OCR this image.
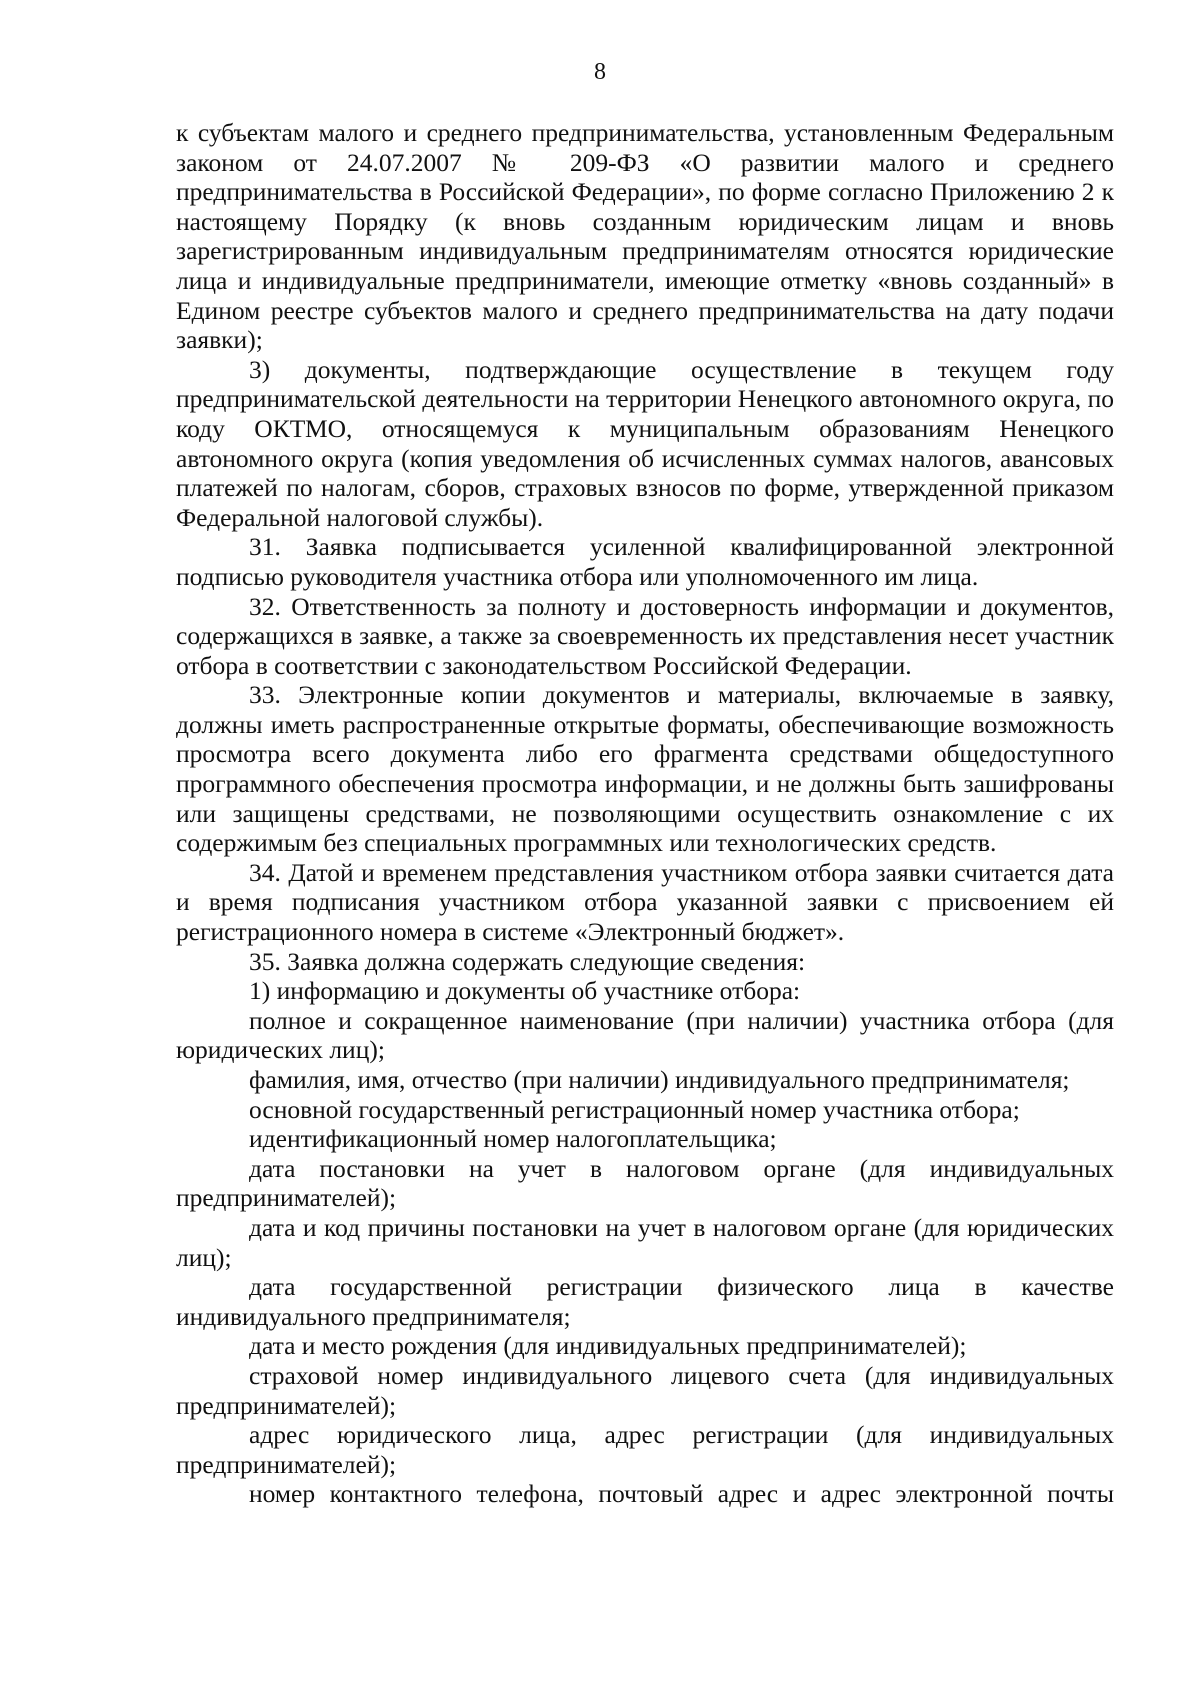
8

к субъектам малого и среднего предпринимательства, установленным Федеральным законом от 24.07.2007 № 209-ФЗ «О развитии малого и среднего предпринимательства в Российской Федерации», по форме согласно Приложению 2 к настоящему Порядку (к вновь созданным юридическим лицам и вновь зарегистрированным индивидуальным предпринимателям относятся юридические лица и индивидуальные предприниматели, имеющие отметку «вновь созданный» в Едином реестре субъектов малого и среднего предпринимательства на дату подачи заявки);

3) документы, подтверждающие осуществление в текущем году предпринимательской деятельности на территории Ненецкого автономного округа, по коду ОКТМО, относящемуся к муниципальным образованиям Ненецкого автономного округа (копия уведомления об исчисленных суммах налогов, авансовых платежей по налогам, сборов, страховых взносов по форме, утвержденной приказом Федеральной налоговой службы).

31. Заявка подписывается усиленной квалифицированной электронной подписью руководителя участника отбора или уполномоченного им лица.

32. Ответственность за полноту и достоверность информации и документов, содержащихся в заявке, а также за своевременность их представления несет участник отбора в соответствии с законодательством Российской Федерации.

33. Электронные копии документов и материалы, включаемые в заявку, должны иметь распространенные открытые форматы, обеспечивающие возможность просмотра всего документа либо его фрагмента средствами общедоступного программного обеспечения просмотра информации, и не должны быть зашифрованы или защищены средствами, не позволяющими осуществить ознакомление с их содержимым без специальных программных или технологических средств.

34. Датой и временем представления участником отбора заявки считается дата и время подписания участником отбора указанной заявки с присвоением ей регистрационного номера в системе «Электронный бюджет».

35. Заявка должна содержать следующие сведения:

1) информацию и документы об участнике отбора:

полное и сокращенное наименование (при наличии) участника отбора (для юридических лиц);

фамилия, имя, отчество (при наличии) индивидуального предпринимателя;

основной государственный регистрационный номер участника отбора;

идентификационный номер налогоплательщика;

дата постановки на учет в налоговом органе (для индивидуальных предпринимателей);

дата и код причины постановки на учет в налоговом органе (для юридических лиц);

дата государственной регистрации физического лица в качестве индивидуального предпринимателя;

дата и место рождения (для индивидуальных предпринимателей);

страховой номер индивидуального лицевого счета (для индивидуальных предпринимателей);

адрес юридического лица, адрес регистрации (для индивидуальных предпринимателей);

номер контактного телефона, почтовый адрес и адрес электронной почты
